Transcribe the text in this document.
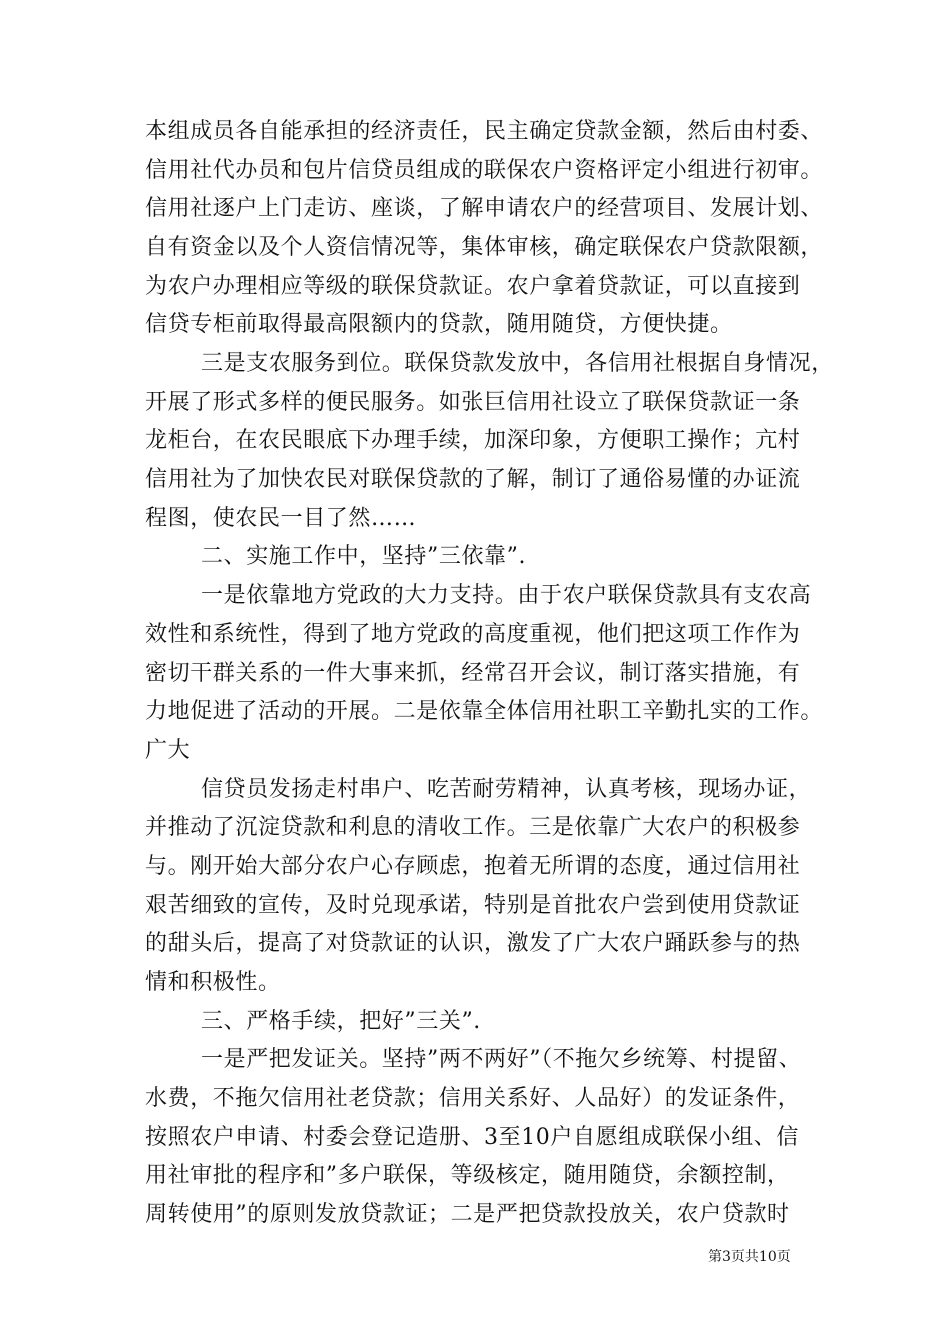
本组成员各自能承担的经济责任，民主确定贷款金额，然后由村委、
信用社代办员和包片信贷员组成的联保农户资格评定小组进行初审。
信用社逐户上门走访、座谈，了解申请农户的经营项目、发展计划、
自有资金以及个人资信情况等，集体审核，确定联保农户贷款限额，
为农户办理相应等级的联保贷款证。农户拿着贷款证，可以直接到
信贷专柜前取得最高限额内的贷款，随用随贷，方便快捷。
三是支农服务到位。联保贷款发放中，各信用社根据自身情况，
开展了形式多样的便民服务。如张巨信用社设立了联保贷款证一条
龙柜台，在农民眼底下办理手续，加深印象，方便职工操作；亢村
信用社为了加快农民对联保贷款的了解，制订了通俗易懂的办证流
程图，使农民一目了然……
二、实施工作中，坚持”三依靠”.
一是依靠地方党政的大力支持。由于农户联保贷款具有支农高
效性和系统性，得到了地方党政的高度重视，他们把这项工作作为
密切干群关系的一件大事来抓，经常召开会议，制订落实措施，有
力地促进了活动的开展。二是依靠全体信用社职工辛勤扎实的工作。
广大
信贷员发扬走村串户、吃苦耐劳精神，认真考核，现场办证，
并推动了沉淀贷款和利息的清收工作。三是依靠广大农户的积极参
与。刚开始大部分农户心存顾虑，抱着无所谓的态度，通过信用社
艰苦细致的宣传，及时兑现承诺，特别是首批农户尝到使用贷款证
的甜头后，提高了对贷款证的认识，激发了广大农户踊跃参与的热
情和积极性。
三、严格手续，把好”三关”.
一是严把发证关。坚持”两不两好”（不拖欠乡统筹、村提留、
水费，不拖欠信用社老贷款；信用关系好、人品好）的发证条件，
按照农户申请、村委会登记造册、3至10户自愿组成联保小组、信
用社审批的程序和”多户联保，等级核定，随用随贷，余额控制，
周转使用”的原则发放贷款证；二是严把贷款投放关，农户贷款时
第3页共10页
